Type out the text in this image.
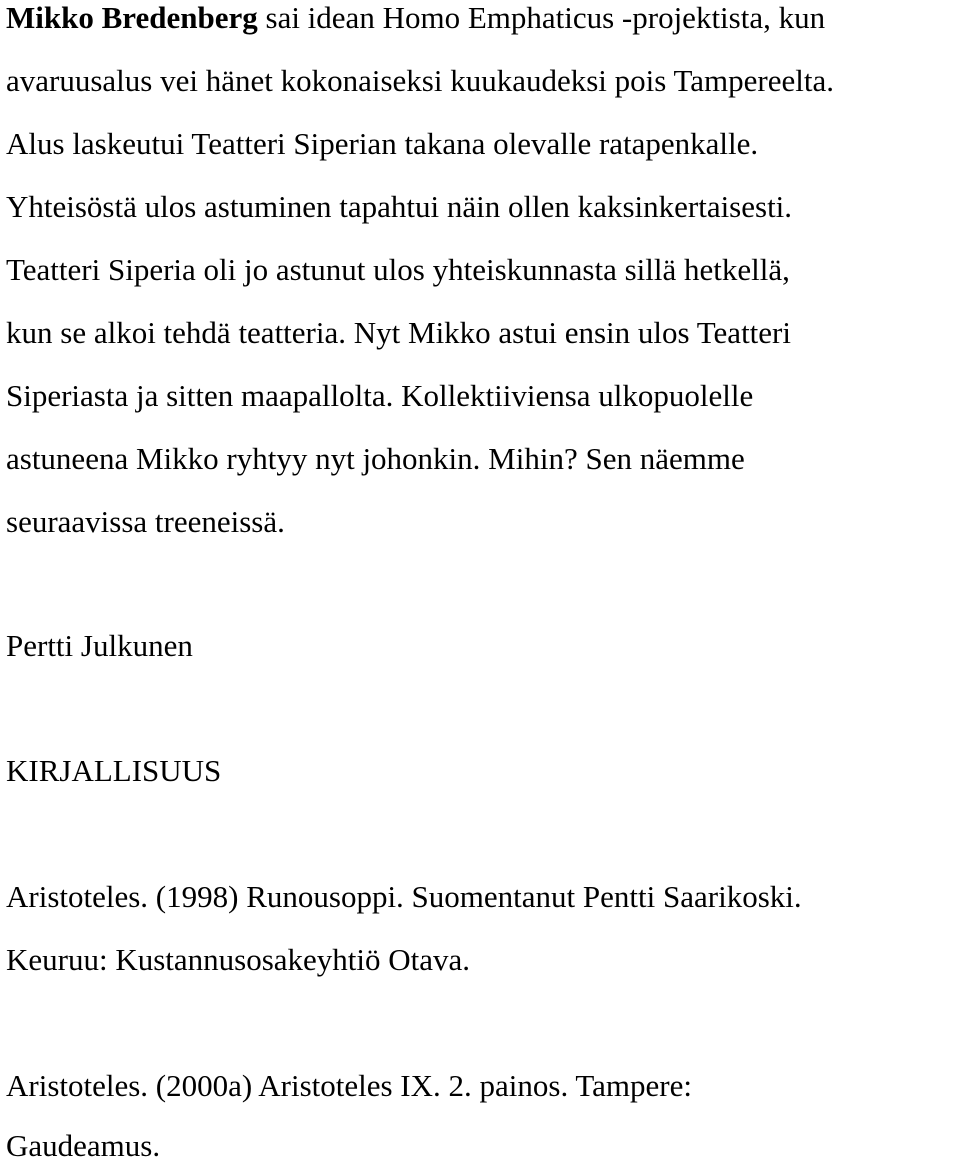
Mikko Bredenberg sai idean Homo Emphaticus -projektista, kun
avaruusalus vei hänet kokonaiseksi kuukaudeksi pois Tampereelta.
Alus laskeutui Teatteri Siperian takana olevalle ratapenkalle.
Yhteisöstä ulos astuminen tapahtui näin ollen kaksinkertaisesti.
Teatteri Siperia oli jo astunut ulos yhteiskunnasta sillä hetkellä,
kun se alkoi tehdä teatteria. Nyt Mikko astui ensin ulos Teatteri
Siperiasta ja sitten maapallolta. Kollektiiviensa ulkopuolelle
astuneena Mikko ryhtyy nyt johonkin. Mihin? Sen näemme
seuraavissa treeneissä.
Pertti Julkunen
KIRJALLISUUS
Aristoteles. (1998) Runousoppi. Suomentanut Pentti Saarikoski.
Keuruu: Kustannusosakeyhtiö Otava.
Aristoteles. (2000a) Aristoteles IX. 2. painos. Tampere:
Gaudeamus.
